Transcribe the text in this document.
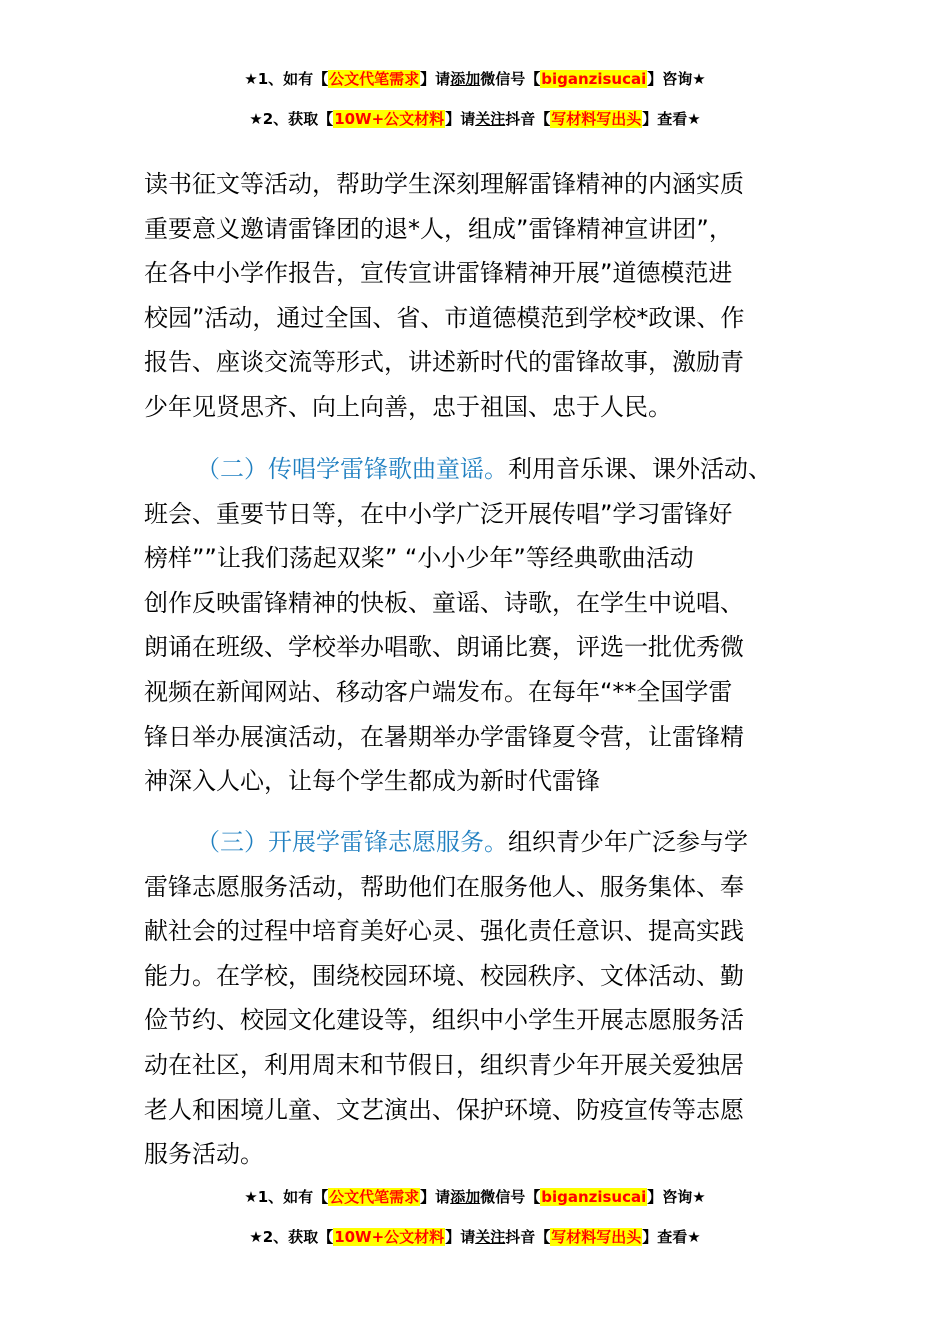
★1、如有【公文代笔需求】请添加微信号【biganzisucai】咨询★
★2、获取【10W+公文材料】请关注抖音【写材料写出头】查看★
读书征文等活动，帮助学生深刻理解雷锋精神的内涵实质
重要意义邀请雷锋团的退*人，组成”雷锋精神宣讲团”，
在各中小学作报告，宣传宣讲雷锋精神开展”道德模范进
校园”活动，通过全国、省、市道德模范到学校*政课、作
报告、座谈交流等形式，讲述新时代的雷锋故事，激励青
少年见贤思齐、向上向善，忠于祖国、忠于人民。
（二）传唱学雷锋歌曲童谣。利用音乐课、课外活动、
班会、重要节日等，在中小学广泛开展传唱”学习雷锋好
榜样””让我们荡起双桨” “小小少年”等经典歌曲活动
创作反映雷锋精神的快板、童谣、诗歌，在学生中说唱、
朗诵在班级、学校举办唱歌、朗诵比赛，评选一批优秀微
视频在新闻网站、移动客户端发布。在每年“**全国学雷
锋日举办展演活动，在暑期举办学雷锋夏令营，让雷锋精
神深入人心，让每个学生都成为新时代雷锋
（三）开展学雷锋志愿服务。组织青少年广泛参与学
雷锋志愿服务活动，帮助他们在服务他人、服务集体、奉
献社会的过程中培育美好心灵、强化责任意识、提高实践
能力。在学校，围绕校园环境、校园秩序、文体活动、勤
俭节约、校园文化建设等，组织中小学生开展志愿服务活
动在社区，利用周末和节假日，组织青少年开展关爱独居
老人和困境儿童、文艺演出、保护环境、防疫宣传等志愿
服务活动。
★1、如有【公文代笔需求】请添加微信号【biganzisucai】咨询★
★2、获取【10W+公文材料】请关注抖音【写材料写出头】查看★
